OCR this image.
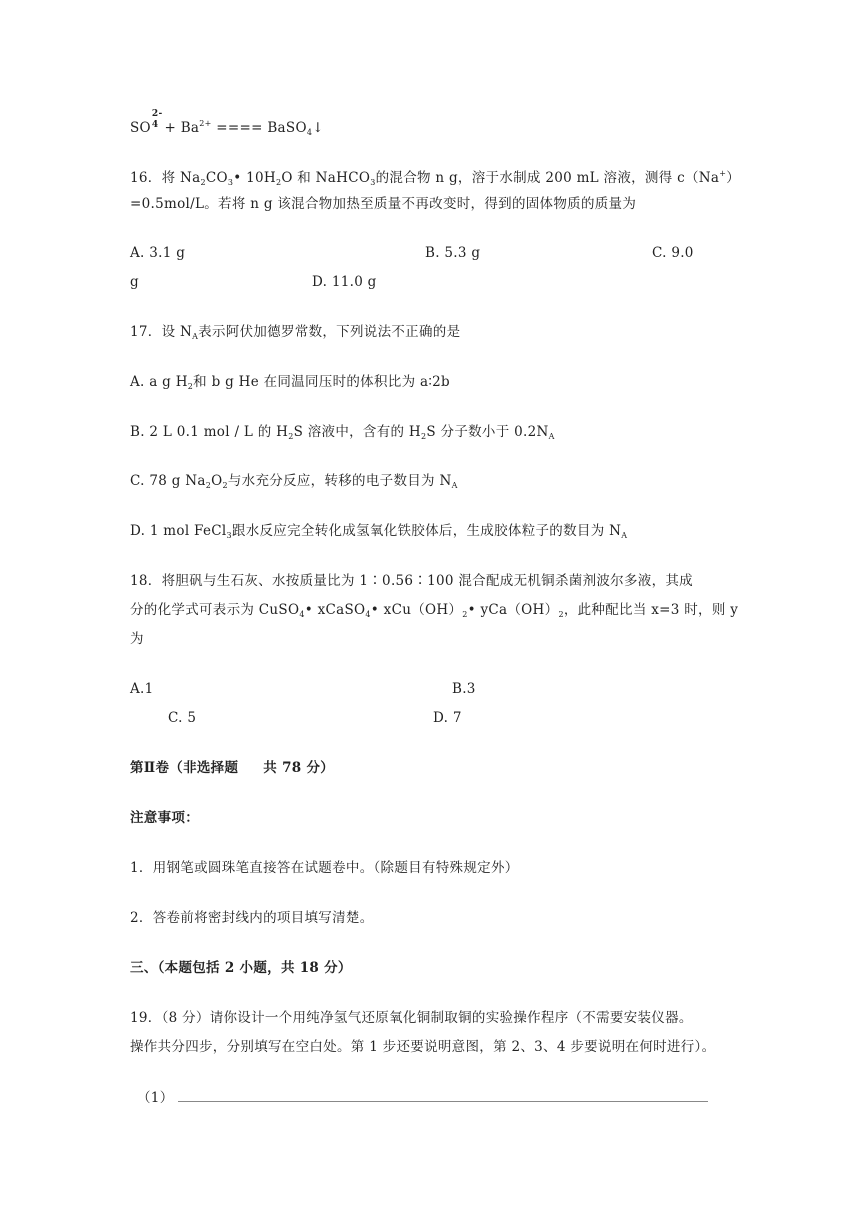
SO
2-
$4 + Ba^{2+}$ ==== BaSO$_4$↓
16．将 $Na_2CO_3•$ $10H_2O$ 和 NaHCO$_3$的混合物 n g，溶于水制成 200 mL 溶液，测得 c（Na+）
=0.5mol/L。若将 n g 该混合物加热至质量不再改变时，得到的固体物质的质量为
A. 3.1 g	B. 5.3 g	C. 9.0
g	D. 11.0 g
17．设 $N_A$表示阿伏加德罗常数，下列说法不正确的是
A. a g $H_2$和 b g He 在同温同压时的体积比为 a∶2b
B. 2 L 0.1 mol / L 的 $H_2S$ 溶液中，含有的 $H_2S$ 分子数小于 $0.2N_A$
C. 78 g $Na_2O_2$与水充分反应，转移的电子数目为 $N_A$
D. 1 mol FeCl$_3$跟水反应完全转化成氢氧化铁胶体后，生成胶体粒子的数目为 $N_A$
18．将胆矾与生石灰、水按质量比为 1∶0.56∶100 混合配成无机铜杀菌剂波尔多液，其成
分的化学式可表示为 CuSO$_4$• xCaSO$_4$• $xCu(OH)_2•$ $yCa(OH)_2$，此种配比当 x=3 时，则 y
为
A.1	B.3
C. 5	D. 7
第Ⅱ卷（非选择题     共 78 分）
注意事项：
1．用钢笔或圆珠笔直接答在试题卷中。（除题目有特殊规定外）
2．答卷前将密封线内的项目填写清楚。
三、（本题包括 2 小题，共 18 分）
19．（8 分）请你设计一个用纯净氢气还原氧化铜制取铜的实验操作程序（不需要安装仪器。
操作共分四步，分别填写在空白处。第 1 步还要说明意图，第 2、3、4 步要说明在何时进行）。
（1）
